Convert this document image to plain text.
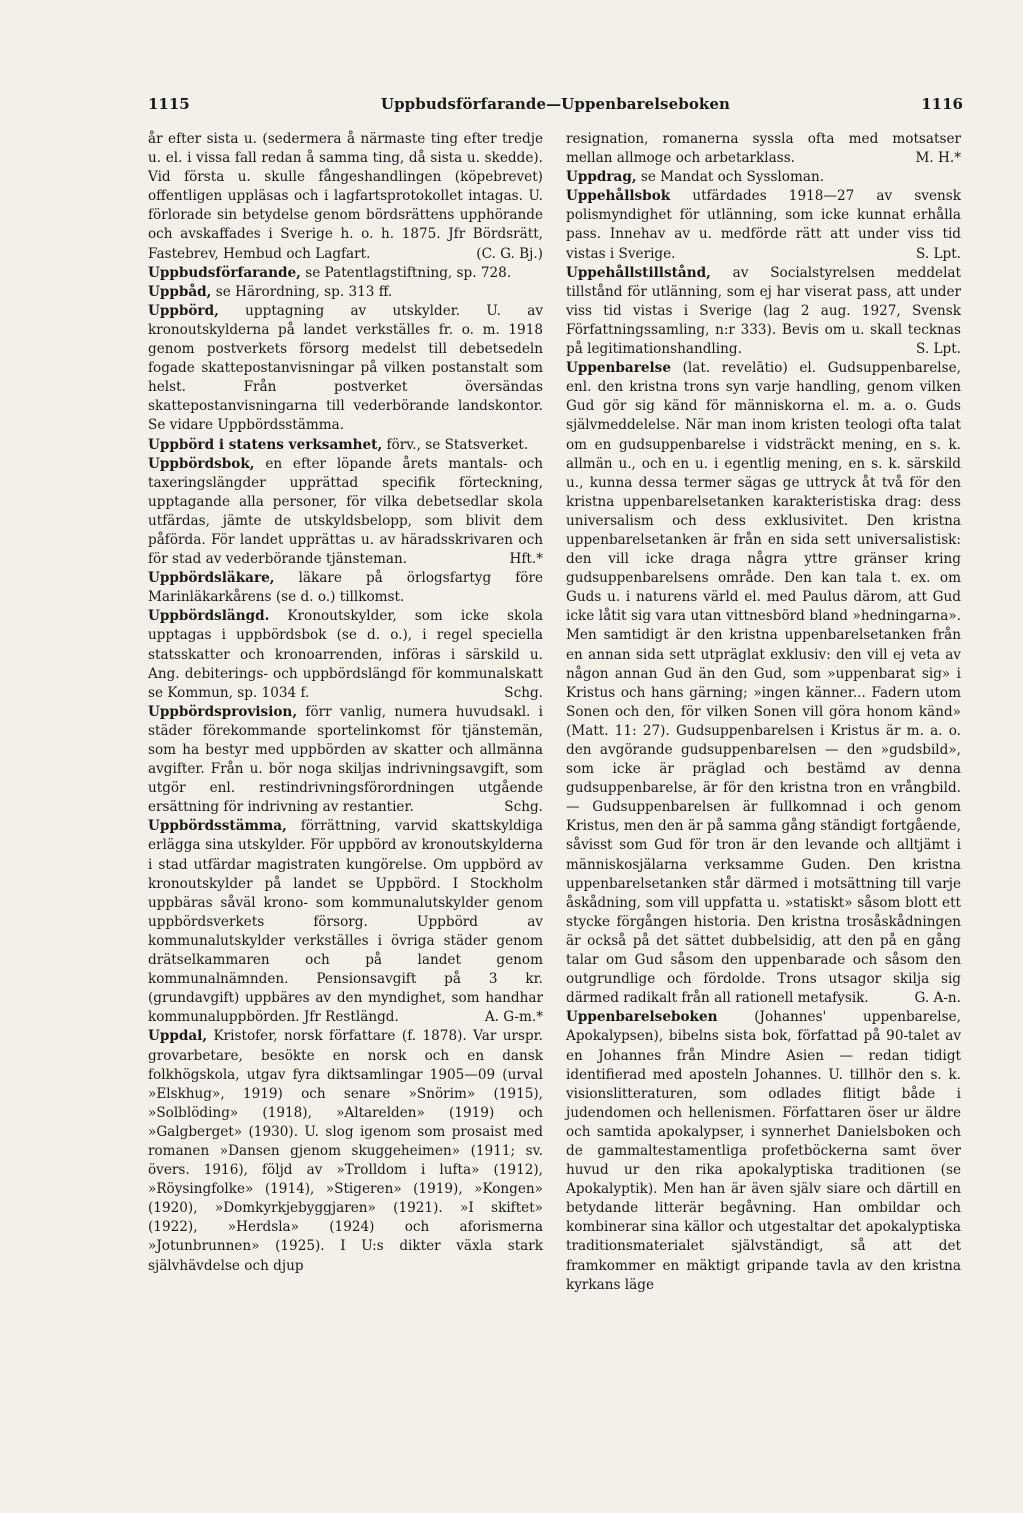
1115	Uppbudsförfarande—Uppenbarelseboken	1116

år efter sista u. (sedermera å närmaste ting efter tredje u. el. i vissa fall redan å samma ting, då sista u. skedde). Vid första u. skulle fångeshandlingen (köpebrevet) offentligen uppläsas och i lagfartsprotokollet intagas. U. förlorade sin betydelse genom bördsrättens upphörande och avskaffades i Sverige h. o. h. 1875. Jfr Bördsrätt, Fastebrev, Hembud och Lagfart.	(C. G. Bj.)

Uppbudsförfarande, se Patentlagstiftning, sp. 728.

Uppbåd, se Härordning, sp. 313 ff.

Uppbörd, upptagning av utskylder. U. av kronoutskylderna på landet verkställes fr. o. m. 1918 genom postverkets försorg medelst till debetsedeln fogade skattepostanvisningar på vilken postanstalt som helst. Från postverket översändas skattepostanvisningarna till vederbörande landskontor. Se vidare Uppbördsstämma.

Uppbörd i statens verksamhet, förv., se Statsverket.

Uppbördsbok, en efter löpande årets mantals- och taxeringslängder upprättad specifik förteckning, upptagande alla personer, för vilka debetsedlar skola utfärdas, jämte de utskyldsbelopp, som blivit dem påförda. För landet upprättas u. av häradsskrivaren och för stad av vederbörande tjänsteman.	Hft.*

Uppbördsläkare, läkare på örlogsfartyg före Marinläkarkårens (se d. o.) tillkomst.

Uppbördslängd. Kronoutskylder, som icke skola upptagas i uppbördsbok (se d. o.), i regel speciella statsskatter och kronoarrenden, införas i särskild u. Ang. debiterings- och uppbördslängd för kommunalskatt se Kommun, sp. 1034 f.	Schg.

Uppbördsprovision, förr vanlig, numera huvudsakl. i städer förekommande sportelinkomst för tjänstemän, som ha bestyr med uppbörden av skatter och allmänna avgifter. Från u. bör noga skiljas indrivningsavgift, som utgör enl. restindrivningsförordningen utgående ersättning för indrivning av restantier.	Schg.

Uppbördsstämma, förrättning, varvid skattskyldiga erlägga sina utskylder. För uppbörd av kronoutskylderna i stad utfärdar magistraten kungörelse. Om uppbörd av kronoutskylder på landet se Uppbörd. I Stockholm uppbäras såväl krono- som kommunalutskylder genom uppbördsverkets försorg. Uppbörd av kommunalutskylder verkställes i övriga städer genom drätselkammaren och på landet genom kommunalnämnden. Pensionsavgift på 3 kr. (grundavgift) uppbäres av den myndighet, som handhar kommunaluppbörden. Jfr Restlängd.	A. G-m.*

Uppdal, Kristofer, norsk författare (f. 1878). Var urspr. grovarbetare, besökte en norsk och en dansk folkhögskola, utgav fyra diktsamlingar 1905—09 (urval »Elskhug», 1919) och senare »Snörim» (1915), »Solblöding» (1918), »Altarelden» (1919) och »Galgberget» (1930). U. slog igenom som prosaist med romanen »Dansen gjenom skuggeheimen» (1911; sv. övers. 1916), följd av »Trolldom i lufta» (1912), »Röysingfolke» (1914), »Stigeren» (1919), »Kongen» (1920), »Domkyrkjebyggjaren» (1921). »I skiftet» (1922), »Herdsla» (1924) och aforismerna »Jotunbrunnen» (1925). I U:s dikter växla stark självhävdelse och djup

resignation, romanerna syssla ofta med motsatser mellan allmoge och arbetarklass.	M. H.*

Uppdrag, se Mandat och Syssloman.

Uppehållsbok utfärdades 1918—27 av svensk polismyndighet för utlänning, som icke kunnat erhålla pass. Innehav av u. medförde rätt att under viss tid vistas i Sverige.	S. Lpt.

Uppehållstillstånd, av Socialstyrelsen meddelat tillstånd för utlänning, som ej har viserat pass, att under viss tid vistas i Sverige (lag 2 aug. 1927, Svensk Författningssamling, n:r 333). Bevis om u. skall tecknas på legitimationshandling.	S. Lpt.

Uppenbarelse (lat. revelātio) el. Gudsuppenbarelse, enl. den kristna trons syn varje handling, genom vilken Gud gör sig känd för människorna el. m. a. o. Guds självmeddelelse. När man inom kristen teologi ofta talat om en gudsuppenbarelse i vidsträckt mening, en s. k. allmän u., och en u. i egentlig mening, en s. k. särskild u., kunna dessa termer sägas ge uttryck åt två för den kristna uppenbarelsetanken karakteristiska drag: dess universalism och dess exklusivitet. Den kristna uppenbarelsetanken är från en sida sett universalistisk: den vill icke draga några yttre gränser kring gudsuppenbarelsens område. Den kan tala t. ex. om Guds u. i naturens värld el. med Paulus därom, att Gud icke låtit sig vara utan vittnesbörd bland »hedningarna». Men samtidigt är den kristna uppenbarelsetanken från en annan sida sett utpräglat exklusiv: den vill ej veta av någon annan Gud än den Gud, som »uppenbarat sig» i Kristus och hans gärning; »ingen känner... Fadern utom Sonen och den, för vilken Sonen vill göra honom känd» (Matt. 11: 27). Gudsuppenbarelsen i Kristus är m. a. o. den avgörande gudsuppenbarelsen — den »gudsbild», som icke är präglad och bestämd av denna gudsuppenbarelse, är för den kristna tron en vrångbild. — Gudsuppenbarelsen är fullkomnad i och genom Kristus, men den är på samma gång ständigt fortgående, såvisst som Gud för tron är den levande och alltjämt i människosjälarna verksamme Guden. Den kristna uppenbarelsetanken står därmed i motsättning till varje åskådning, som vill uppfatta u. »statiskt» såsom blott ett stycke förgången historia. Den kristna trosåskådningen är också på det sättet dubbelsidig, att den på en gång talar om Gud såsom den uppenbarade och såsom den outgrundlige och fördolde. Trons utsagor skilja sig därmed radikalt från all rationell metafysik.	G. A-n.

Uppenbarelseboken	(Johannes' uppenbarelse, Apokalypsen), bibelns sista bok, författad på 90-talet av en Johannes från Mindre Asien — redan tidigt identifierad med aposteln Johannes. U. tillhör den s. k. visionslitteraturen, som odlades flitigt både i judendomen och hellenismen. Författaren öser ur äldre och samtida apokalypser, i synnerhet Danielsboken och de gammaltestamentliga profetböckerna samt över huvud ur den rika apokalyptiska traditionen (se Apokalyptik). Men han är även själv siare och därtill en betydande litterär begåvning. Han ombildar och kombinerar sina källor och utgestaltar det apokalyptiska traditionsmaterialet självständigt, så att det framkommer en mäktigt gripande tavla av den kristna kyrkans läge
